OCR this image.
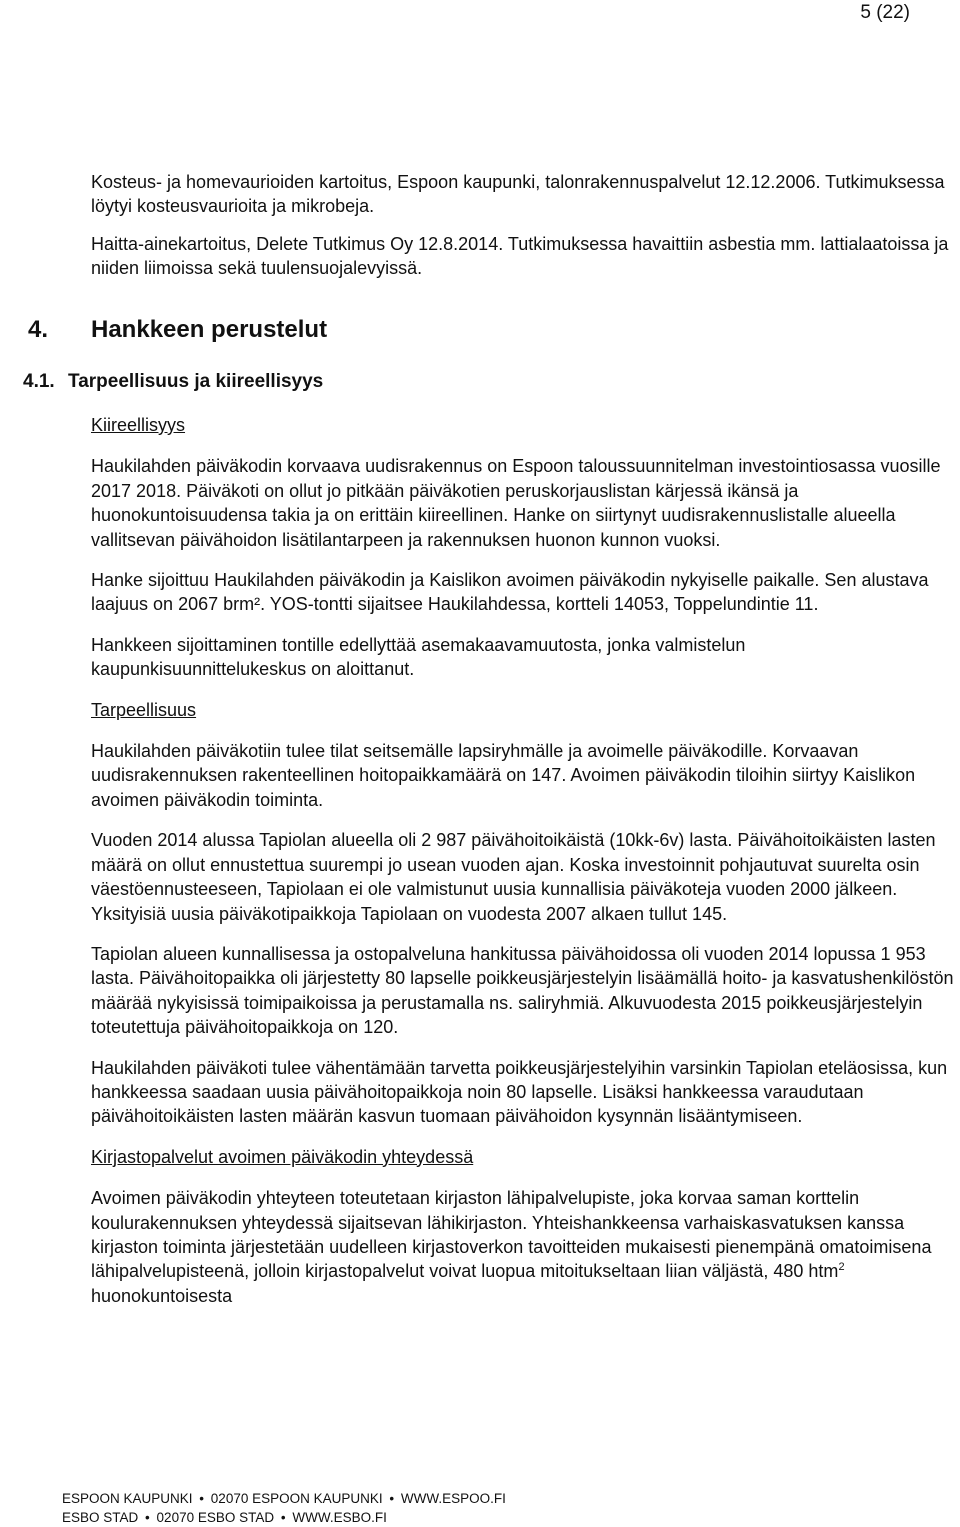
5 (22)

Kosteus- ja homevaurioiden kartoitus, Espoon kaupunki, talonrakennuspalvelut 12.12.2006. Tutkimuksessa löytyi kosteusvaurioita ja mikrobeja.

Haitta-ainekartoitus, Delete Tutkimus Oy 12.8.2014. Tutkimuksessa havaittiin asbestia mm. lattialaatoissa ja niiden liimoissa sekä tuulensuojalevyissä.

4. Hankkeen perustelut
4.1. Tarpeellisuus ja kiireellisyys

Kiireellisyys

Haukilahden päiväkodin korvaava uudisrakennus on Espoon taloussuunnitelman investointiosassa vuosille 2017 2018. Päiväkoti on ollut jo pitkään päiväkotien peruskorjauslistan kärjessä ikänsä ja huonokuntoisuudensa takia ja on erittäin kiireellinen. Hanke on siirtynyt uudisrakennuslistalle alueella vallitsevan päivähoidon lisätilantarpeen ja rakennuksen huonon kunnon vuoksi.

Hanke sijoittuu Haukilahden päiväkodin ja Kaislikon avoimen päiväkodin nykyiselle paikalle. Sen alustava laajuus on 2067 brm². YOS-tontti sijaitsee Haukilahdessa, kortteli 14053, Toppelundintie 11.

Hankkeen sijoittaminen tontille edellyttää asemakaavamuutosta, jonka valmistelun kaupunkisuunnittelukeskus on aloittanut.

Tarpeellisuus

Haukilahden päiväkotiin tulee tilat seitsemälle lapsiryhmälle ja avoimelle päiväkodille. Korvaavan uudisrakennuksen rakenteellinen hoitopaikkamäärä on 147. Avoimen päiväkodin tiloihin siirtyy Kaislikon avoimen päiväkodin toiminta.

Vuoden 2014 alussa Tapiolan alueella oli 2 987 päivähoitoikäistä (10kk-6v) lasta. Päivähoitoikäisten lasten määrä on ollut ennustettua suurempi jo usean vuoden ajan. Koska investoinnit pohjautuvat suurelta osin väestöennusteeseen, Tapiolaan ei ole valmistunut uusia kunnallisia päiväkoteja vuoden 2000 jälkeen. Yksityisiä uusia päiväkotipaikkoja Tapiolaan on vuodesta 2007 alkaen tullut 145.

Tapiolan alueen kunnallisessa ja ostopalveluna hankitussa päivähoidossa oli vuoden 2014 lopussa 1 953 lasta. Päivähoitopaikka oli järjestetty 80 lapselle poikkeusjärjestelyin lisäämällä hoito- ja kasvatushenkilöstön määrää nykyisissä toimipaikoissa ja perustamalla ns. saliryhmiä. Alkuvuodesta 2015 poikkeusjärjestelyin toteutettuja päivähoitopaikkoja on 120.

Haukilahden päiväkoti tulee vähentämään tarvetta poikkeusjärjestelyihin varsinkin Tapiolan eteläosissa, kun hankkeessa saadaan uusia päivähoitopaikkoja noin 80 lapselle. Lisäksi hankkeessa varaudutaan päivähoitoikäisten lasten määrän kasvun tuomaan päivähoidon kysynnän lisääntymiseen.

Kirjastopalvelut avoimen päiväkodin yhteydessä

Avoimen päiväkodin yhteyteen toteutetaan kirjaston lähipalvelupiste, joka korvaa saman korttelin koulurakennuksen yhteydessä sijaitsevan lähikirjaston. Yhteishankkeensa varhaiskasvatuksen kanssa kirjaston toiminta järjestetään uudelleen kirjastoverkon tavoitteiden mukaisesti pienempänä omatoimisena lähipalvelupisteenä, jolloin kirjastopalvelut voivat luopua mitoitukseltaan liian väljästä, 480 htm$^2$ huonokuntoisesta

ESPOON KAUPUNKI • 02070 ESPOON KAUPUNKI • WWW.ESPOO.FI
ESBO STAD • 02070 ESBO STAD • WWW.ESBO.FI
